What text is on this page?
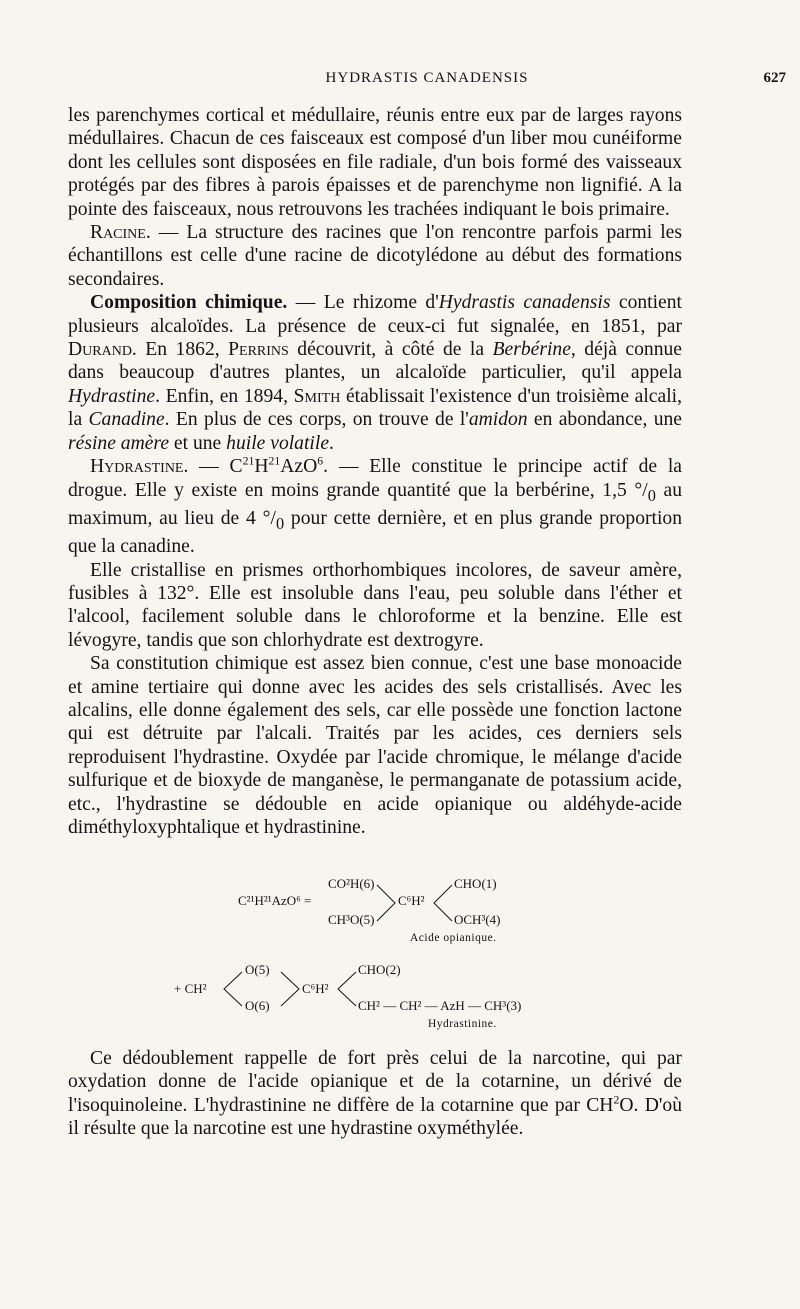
HYDRASTIS CANADENSIS	627

les parenchymes cortical et médullaire, réunis entre eux par de larges rayons médullaires. Chacun de ces faisceaux est composé d'un liber mou cunéiforme dont les cellules sont disposées en file radiale, d'un bois formé des vaisseaux protégés par des fibres à parois épaisses et de parenchyme non lignifié. A la pointe des faisceaux, nous retrouvons les trachées indiquant le bois primaire.

Racine. — La structure des racines que l'on rencontre parfois parmi les échantillons est celle d'une racine de dicotylédone au début des formations secondaires.

Composition chimique. — Le rhizome d'Hydrastis canadensis contient plusieurs alcaloïdes. La présence de ceux-ci fut signalée, en 1851, par Durand. En 1862, Perrins découvrit, à côté de la Berbérine, déjà connue dans beaucoup d'autres plantes, un alcaloïde particulier, qu'il appela Hydrastine. Enfin, en 1894, Smith établissait l'existence d'un troisième alcali, la Canadine. En plus de ces corps, on trouve de l'amidon en abondance, une résine amère et une huile volatile.

Hydrastine. — $C^{21}H^{21}AzO^6$. — Elle constitue le principe actif de la drogue. Elle y existe en moins grande quantité que la berbérine, 1,5 $^\circ/_0$ au maximum, au lieu de 4 $^\circ/_0$ pour cette dernière, et en plus grande proportion que la canadine.

Elle cristallise en prismes orthorhombiques incolores, de saveur amère, fusibles à 132°. Elle est insoluble dans l'eau, peu soluble dans l'éther et l'alcool, facilement soluble dans le chloroforme et la benzine. Elle est lévogyre, tandis que son chlorhydrate est dextrogyre.

Sa constitution chimique est assez bien connue, c'est une base monoacide et amine tertiaire qui donne avec les acides des sels cristallisés. Avec les alcalins, elle donne également des sels, car elle possède une fonction lactone qui est détruite par l'alcali. Traités par les acides, ces derniers sels reproduisent l'hydrastine. Oxydée par l'acide chromique, le mélange d'acide sulfurique et de bioxyde de manganèse, le permanganate de potassium acide, etc., l'hydrastine se dédouble en acide opianique ou aldéhyde-acide diméthyloxyphtalique et hydrastinine.

C²¹H²¹AzO⁶ =
CO²H(6)
CH³O(5)
C⁶H²
CHO(1)
OCH³(4)
Acide opianique.
+ CH²
O(5)
O(6)
C⁶H²
CHO(2)
CH² — CH² — AzH — CH³(3)
Hydrastinine.

Ce dédoublement rappelle de fort près celui de la narcotine, qui par oxydation donne de l'acide opianique et de la cotarnine, un dérivé de l'isoquinoleine. L'hydrastinine ne diffère de la cotarnine que par $CH^2O$. D'où il résulte que la narcotine est une hydrastine oxyméthylée.
